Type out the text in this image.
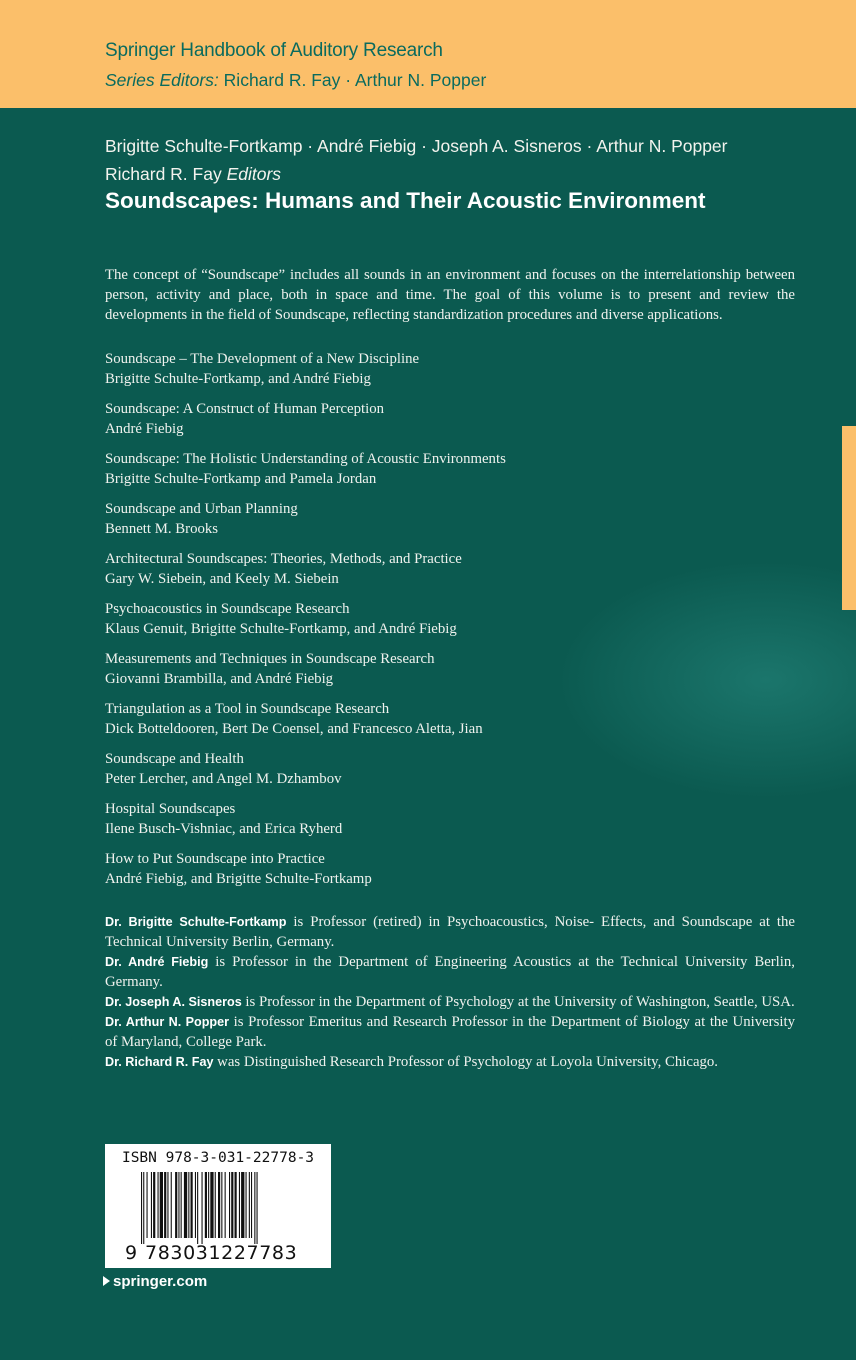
Springer Handbook of Auditory Research
Series Editors: Richard R. Fay · Arthur N. Popper
Brigitte Schulte-Fortkamp · André Fiebig · Joseph A. Sisneros · Arthur N. Popper
Richard R. Fay Editors
Soundscapes: Humans and Their Acoustic Environment
The concept of “Soundscape” includes all sounds in an environment and focuses on the interrelationship between person, activity and place, both in space and time. The goal of this volume is to present and review the developments in the field of Soundscape, reflecting standardization procedures and diverse applications.
Soundscape – The Development of a New Discipline
Brigitte Schulte-Fortkamp, and André Fiebig
Soundscape: A Construct of Human Perception
André Fiebig
Soundscape: The Holistic Understanding of Acoustic Environments
Brigitte Schulte-Fortkamp and Pamela Jordan
Soundscape and Urban Planning
Bennett M. Brooks
Architectural Soundscapes: Theories, Methods, and Practice
Gary W. Siebein, and Keely M. Siebein
Psychoacoustics in Soundscape Research
Klaus Genuit, Brigitte Schulte-Fortkamp, and André Fiebig
Measurements and Techniques in Soundscape Research
Giovanni Brambilla, and André Fiebig
Triangulation as a Tool in Soundscape Research
Dick Botteldooren, Bert De Coensel, and Francesco Aletta, Jian
Soundscape and Health
Peter Lercher, and Angel M. Dzhambov
Hospital Soundscapes
Ilene Busch-Vishniac, and Erica Ryherd
How to Put Soundscape into Practice
André Fiebig, and Brigitte Schulte-Fortkamp
Dr. Brigitte Schulte-Fortkamp is Professor (retired) in Psychoacoustics, Noise- Effects, and Soundscape at the Technical University Berlin, Germany.
Dr. André Fiebig is Professor in the Department of Engineering Acoustics at the Technical University Berlin, Germany.
Dr. Joseph A. Sisneros is Professor in the Department of Psychology at the University of Washington, Seattle, USA.
Dr. Arthur N. Popper is Professor Emeritus and Research Professor in the Department of Biology at the University of Maryland, College Park.
Dr. Richard R. Fay was Distinguished Research Professor of Psychology at Loyola University, Chicago.
ISBN 978-3-031-22778-3
9 783031227783
springer.com
